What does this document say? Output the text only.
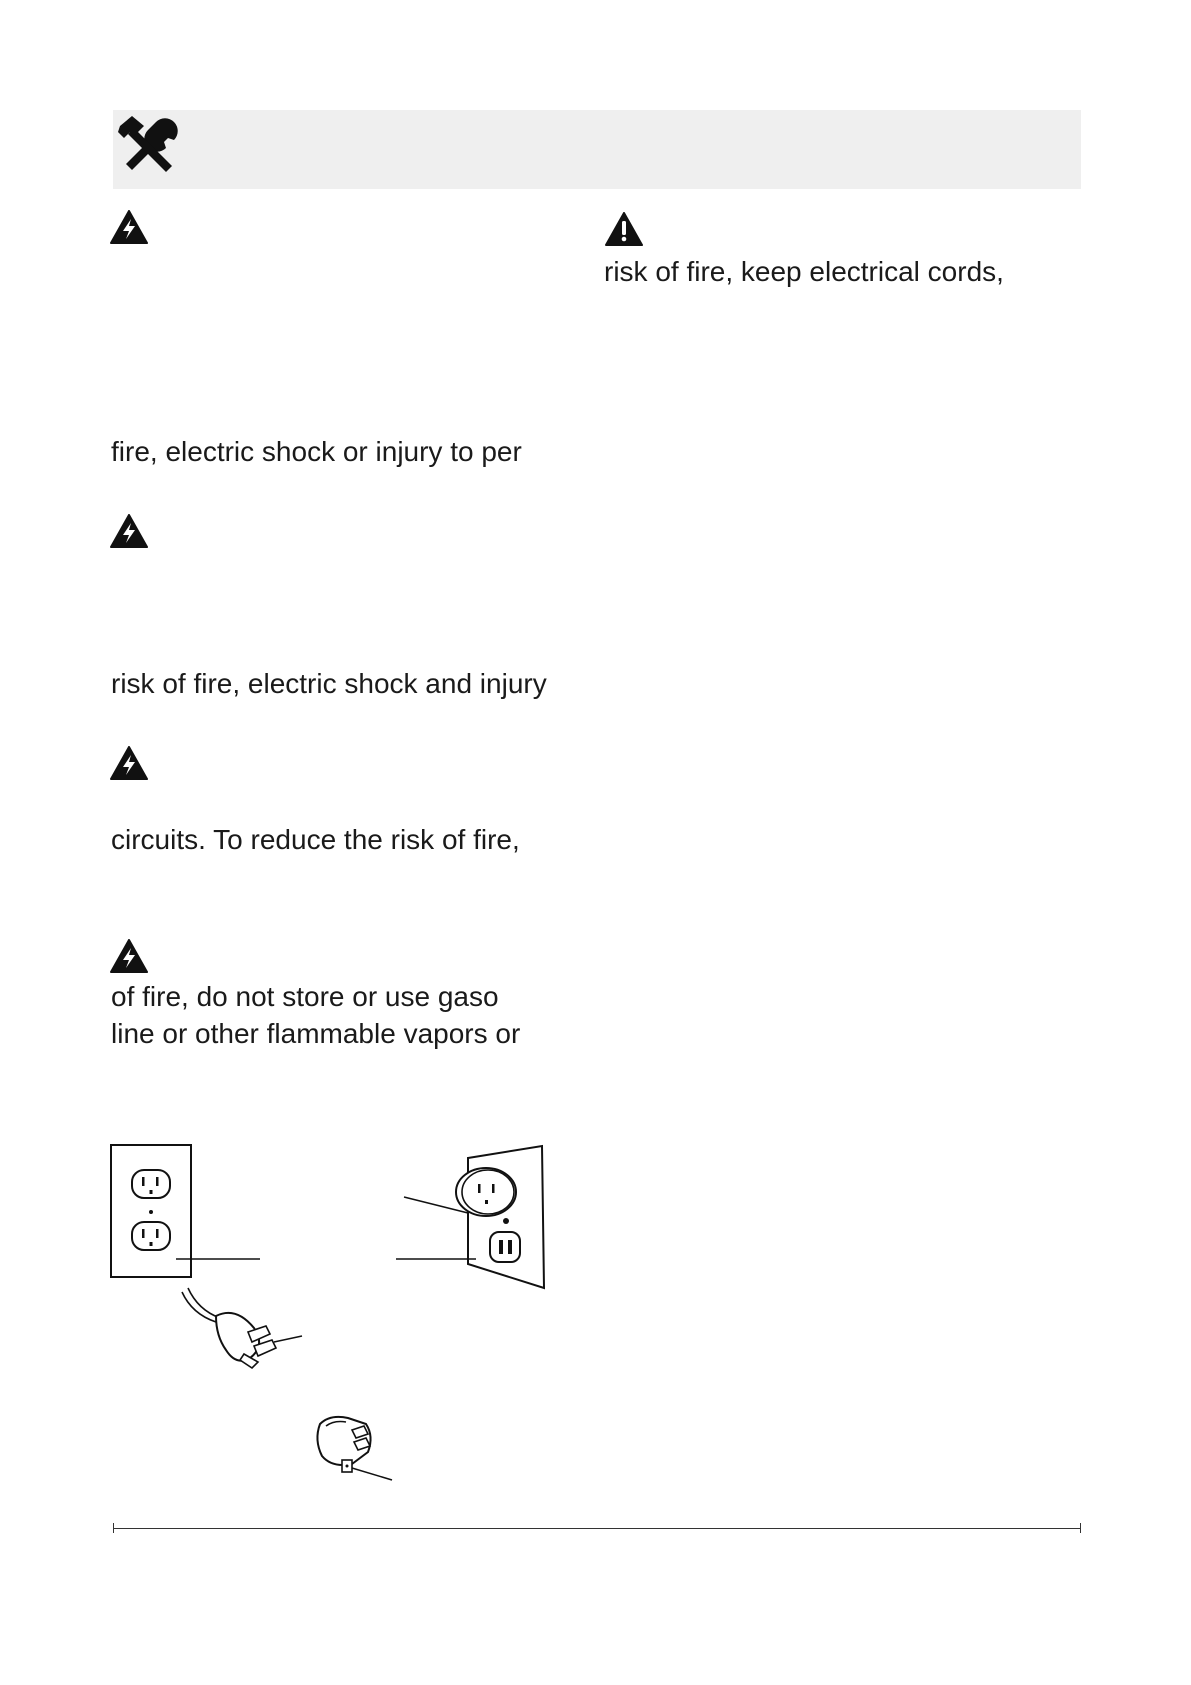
fire, electric shock or injury to per
risk of fire, electric shock and injury
circuits. To reduce the risk of fire,
of fire, do not store or use gaso
line or other flammable vapors or
risk of fire, keep electrical cords,
